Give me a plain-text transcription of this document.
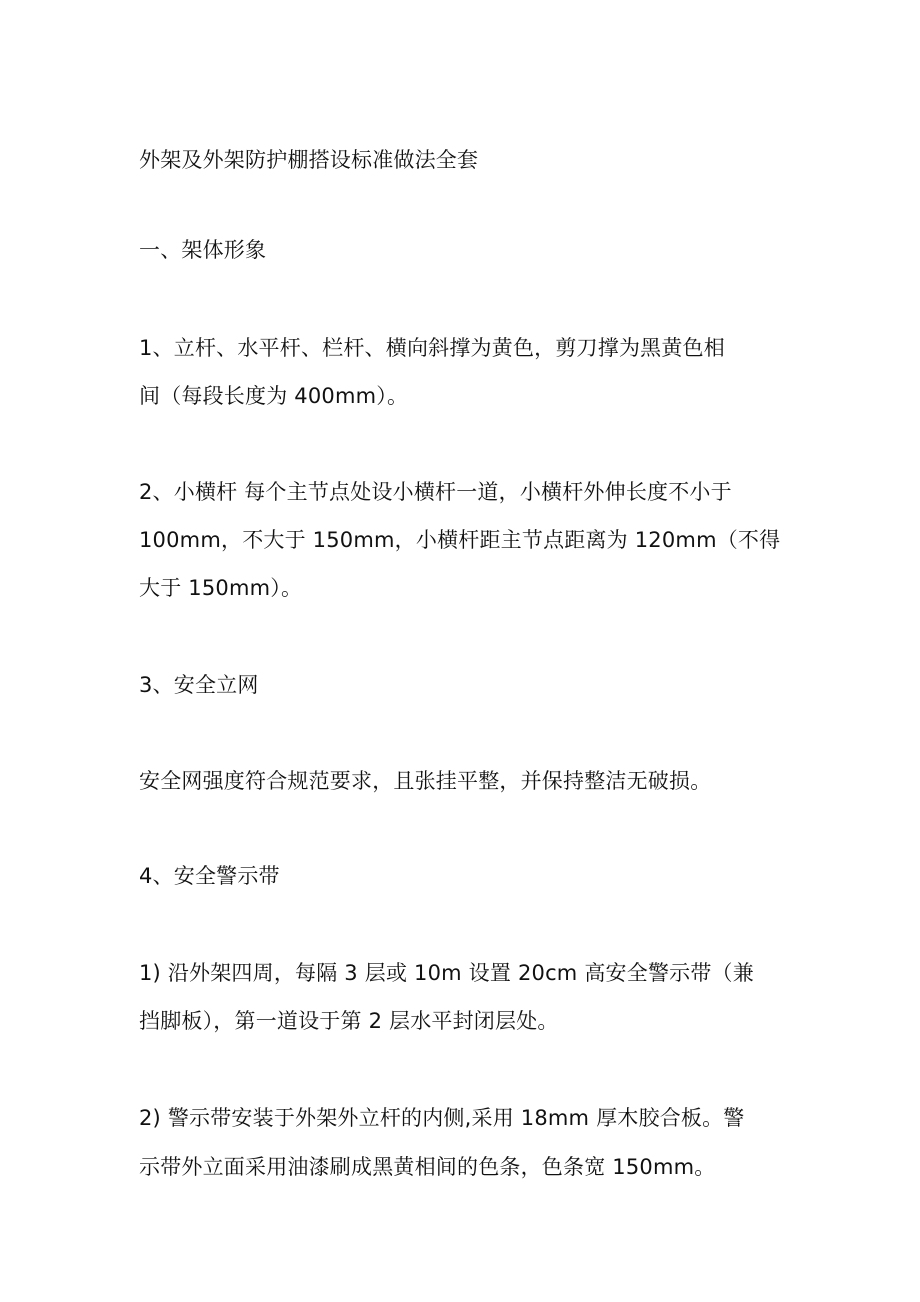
外架及外架防护棚搭设标准做法全套
一、架体形象
1、立杆、水平杆、栏杆、横向斜撑为黄色，剪刀撑为黑黄色相
间（每段长度为 400mm）。
2、小横杆 每个主节点处设小横杆一道，小横杆外伸长度不小于
100mm，不大于 150mm，小横杆距主节点距离为 120mm（不得
大于 150mm）。
3、安全立网
安全网强度符合规范要求，且张挂平整，并保持整洁无破损。
4、安全警示带
1) 沿外架四周，每隔 3 层或 10m 设置 20cm 高安全警示带（兼
挡脚板），第一道设于第 2 层水平封闭层处。
2) 警示带安装于外架外立杆的内侧,采用 18mm 厚木胶合板。警
示带外立面采用油漆刷成黑黄相间的色条，色条宽 150mm。
